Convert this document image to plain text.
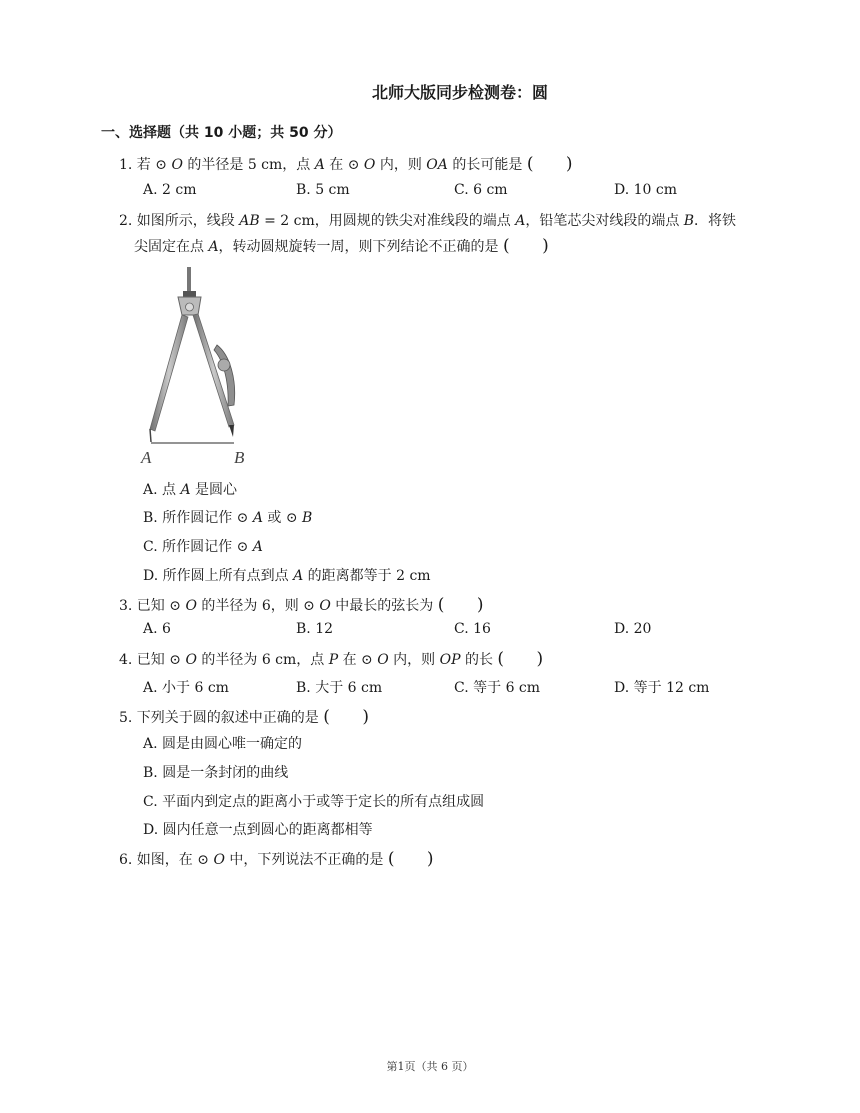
北师大版同步检测卷：圆
一、选择题（共 10 小题；共 50 分）
1. 若 ⊙ 𝑂 的半径是 5 cm，点 𝐴 在 ⊙ 𝑂 内，则 𝑂𝐴 的长可能是 ( )
A. 2 cm	B. 5 cm	C. 6 cm	D. 10 cm
2. 如图所示，线段 𝐴𝐵 = 2 cm，用圆规的铁尖对准线段的端点 𝐴，铅笔芯尖对线段的端点 𝐵．将铁
尖固定在点 𝐴，转动圆规旋转一周，则下列结论不正确的是 ( )
A	B
A. 点 𝐴 是圆心
B. 所作圆记作 ⊙ 𝐴 或 ⊙ 𝐵
C. 所作圆记作 ⊙ 𝐴
D. 所作圆上所有点到点 𝐴 的距离都等于 2 cm
3. 已知 ⊙ 𝑂 的半径为 6，则 ⊙ 𝑂 中最长的弦长为 ( )
A. 6	B. 12	C. 16	D. 20
4. 已知 ⊙ 𝑂 的半径为 6 cm，点 𝑃 在 ⊙ 𝑂 内，则 𝑂𝑃 的长 ( )
A. 小于 6 cm	B. 大于 6 cm	C. 等于 6 cm	D. 等于 12 cm
5. 下列关于圆的叙述中正确的是 ( )
A. 圆是由圆心唯一确定的
B. 圆是一条封闭的曲线
C. 平面内到定点的距离小于或等于定长的所有点组成圆
D. 圆内任意一点到圆心的距离都相等
6. 如图，在 ⊙ 𝑂 中，下列说法不正确的是 ( )
第1页（共 6 页）
